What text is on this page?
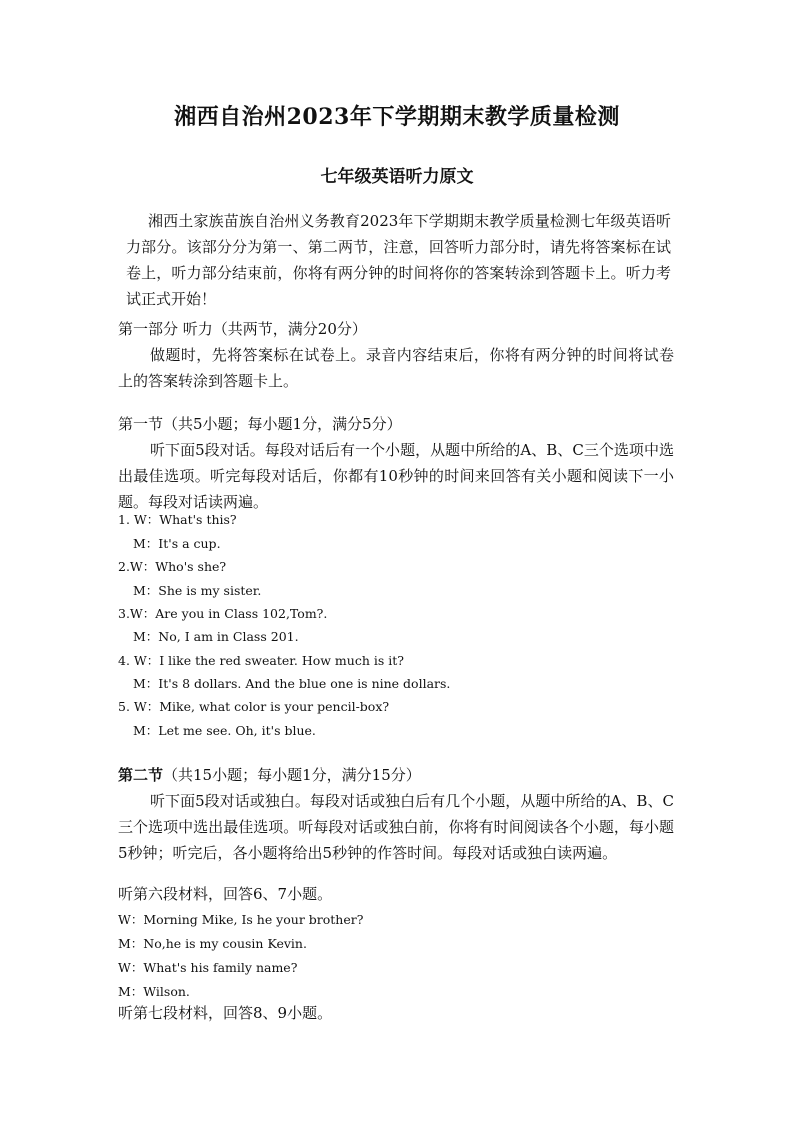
湘西自治州2023年下学期期末教学质量检测
七年级英语听力原文

湘西土家族苗族自治州义务教育2023年下学期期末教学质量检测七年级英语听力部分。该部分分为第一、第二两节，注意，回答听力部分时，请先将答案标在试卷上，听力部分结束前，你将有两分钟的时间将你的答案转涂到答题卡上。听力考试正式开始！

第一部分 听力（共两节，满分20分）

做题时，先将答案标在试卷上。录音内容结束后，你将有两分钟的时间将试卷上的答案转涂到答题卡上。

第一节（共5小题；每小题1分，满分5分）

听下面5段对话。每段对话后有一个小题，从题中所给的A、B、C三个选项中选出最佳选项。听完每段对话后，你都有10秒钟的时间来回答有关小题和阅读下一小题。每段对话读两遍。

1. W：What's this?
M：It's a cup.
2.W：Who's she?
M：She is my sister.
3.W：Are you in Class 102,Tom?.
M：No, I am in Class 201.
4. W：I like the red sweater. How much is it?
M：It's 8 dollars. And the blue one is nine dollars.
5. W：Mike, what color is your pencil-box?
M：Let me see. Oh, it's blue.
第二节（共15小题；每小题1分，满分15分）

听下面5段对话或独白。每段对话或独白后有几个小题，从题中所给的A、B、C三个选项中选出最佳选项。听每段对话或独白前，你将有时间阅读各个小题，每小题5秒钟；听完后，各小题将给出5秒钟的作答时间。每段对话或独白读两遍。

听第六段材料，回答6、7小题。
W：Morning Mike, Is he your brother?
M：No,he is my cousin Kevin.
W：What's his family name?
M：Wilson.
听第七段材料，回答8、9小题。
